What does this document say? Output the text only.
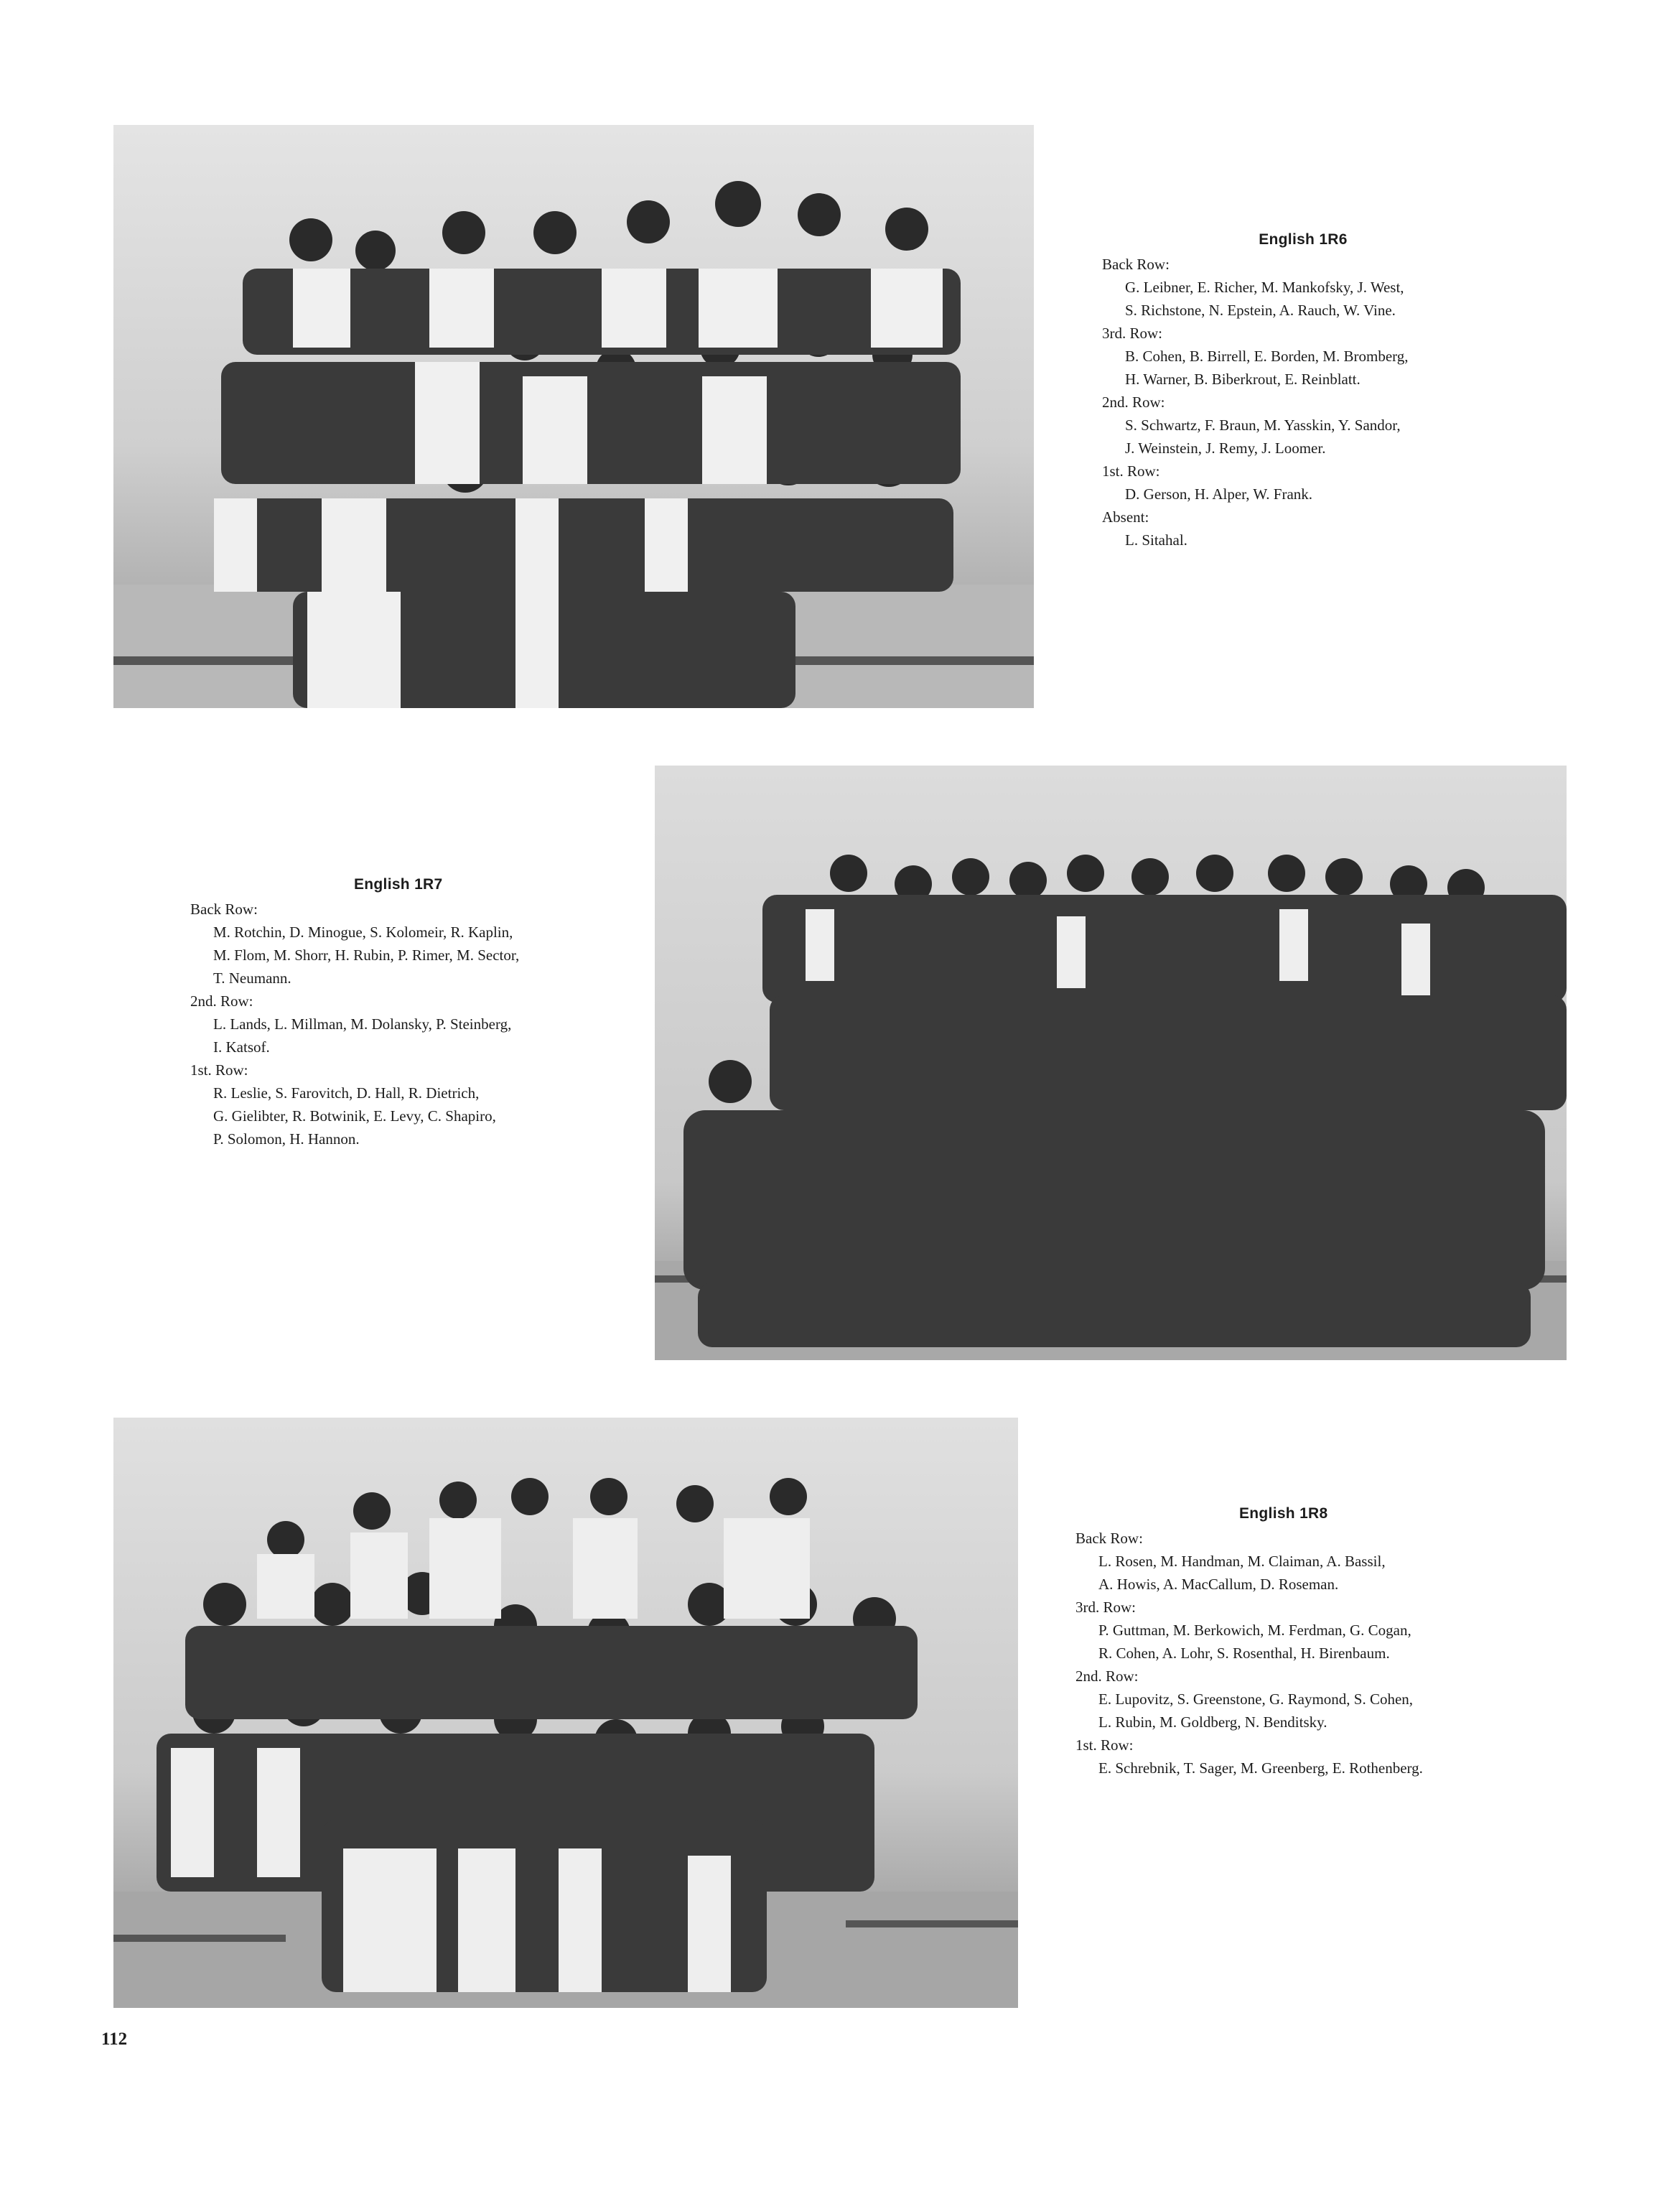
English 1R6

Back Row:

G. Leibner, E. Richer, M. Mankofsky, J. West,

S. Richstone, N. Epstein, A. Rauch, W. Vine.

3rd. Row:

B. Cohen, B. Birrell, E. Borden, M. Bromberg,

H. Warner, B. Biberkrout, E. Reinblatt.

2nd. Row:

S. Schwartz, F. Braun, M. Yasskin, Y. Sandor,

J. Weinstein, J. Remy, J. Loomer.

1st. Row:

D. Gerson, H. Alper, W. Frank.

Absent:

L. Sitahal.

English 1R7

Back Row:

M. Rotchin, D. Minogue, S. Kolomeir, R. Kaplin,

M. Flom, M. Shorr, H. Rubin, P. Rimer, M. Sector,

T. Neumann.

2nd. Row:

L. Lands, L. Millman, M. Dolansky, P. Steinberg,

I. Katsof.

1st. Row:

R. Leslie, S. Farovitch, D. Hall, R. Dietrich,

G. Gielibter, R. Botwinik, E. Levy, C. Shapiro,

P. Solomon, H. Hannon.

English 1R8

Back Row:

L. Rosen, M. Handman, M. Claiman, A. Bassil,

A. Howis, A. MacCallum, D. Roseman.

3rd. Row:

P. Guttman, M. Berkowich, M. Ferdman, G. Cogan,

R. Cohen, A. Lohr, S. Rosenthal, H. Birenbaum.

2nd. Row:

E. Lupovitz, S. Greenstone, G. Raymond, S. Cohen,

L. Rubin, M. Goldberg, N. Benditsky.

1st. Row:

E. Schrebnik, T. Sager, M. Greenberg, E. Rothenberg.

112
